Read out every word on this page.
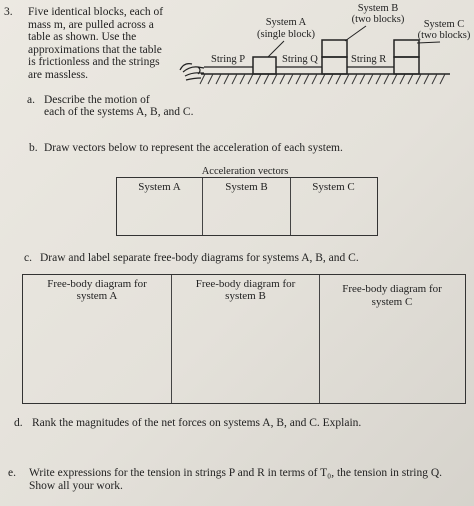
3. Five identical blocks, each of
mass m, are pulled across a
table as shown. Use the
approximations that the table
is frictionless and the strings
are massless.
System A
(single block)
System B
(two blocks)	System C
(two blocks)
String P	String Q	String R
a. Describe the motion of
each of the systems A, B, and C.
b. Draw vectors below to represent the acceleration of each system.
Acceleration vectors
System A	System B	System C
c. Draw and label separate free-body diagrams for systems A, B, and C.
Free-body diagram for
system A
Free-body diagram for
system B
Free-body diagram for
system C
d. Rank the magnitudes of the net forces on systems A, B, and C. Explain.
e. Write expressions for the tension in strings P and R in terms of T₀, the tension in string Q.
Show all your work.
